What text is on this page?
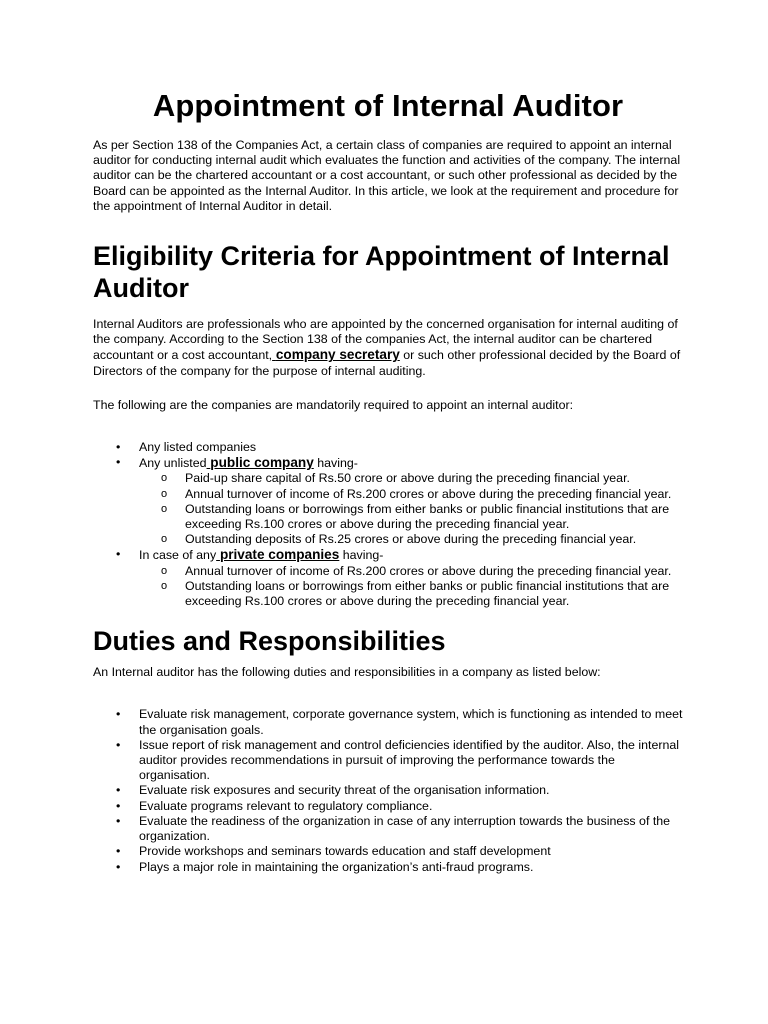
Appointment of Internal Auditor

As per Section 138 of the Companies Act, a certain class of companies are required to appoint an internal auditor for conducting internal audit which evaluates the function and activities of the company. The internal auditor can be the chartered accountant or a cost accountant, or such other professional as decided by the Board can be appointed as the Internal Auditor. In this article, we look at the requirement and procedure for the appointment of Internal Auditor in detail.

Eligibility Criteria for Appointment of Internal Auditor

Internal Auditors are professionals who are appointed by the concerned organisation for internal auditing of the company. According to the Section 138 of the companies Act, the internal auditor can be chartered accountant or a cost accountant, company secretary or such other professional decided by the Board of Directors of the company for the purpose of internal auditing.

The following are the companies are mandatorily required to appoint an internal auditor:

•	Any listed companies
•	Any unlisted public company having-
o	Paid-up share capital of Rs.50 crore or above during the preceding financial year.
o	Annual turnover of income of Rs.200 crores or above during the preceding financial year.
o	Outstanding loans or borrowings from either banks or public financial institutions that are exceeding Rs.100 crores or above during the preceding financial year.
o	Outstanding deposits of Rs.25 crores or above during the preceding financial year.
•	In case of any private companies having-
o	Annual turnover of income of Rs.200 crores or above during the preceding financial year.
o	Outstanding loans or borrowings from either banks or public financial institutions that are exceeding Rs.100 crores or above during the preceding financial year.
Duties and Responsibilities

An Internal auditor has the following duties and responsibilities in a company as listed below:

•	Evaluate risk management, corporate governance system, which is functioning as intended to meet the organisation goals.
•	Issue report of risk management and control deficiencies identified by the auditor. Also, the internal auditor provides recommendations in pursuit of improving the performance towards the organisation.
•	Evaluate risk exposures and security threat of the organisation information.
•	Evaluate programs relevant to regulatory compliance.
•	Evaluate the readiness of the organization in case of any interruption towards the business of the organization.
•	Provide workshops and seminars towards education and staff development
•	Plays a major role in maintaining the organization’s anti-fraud programs.
